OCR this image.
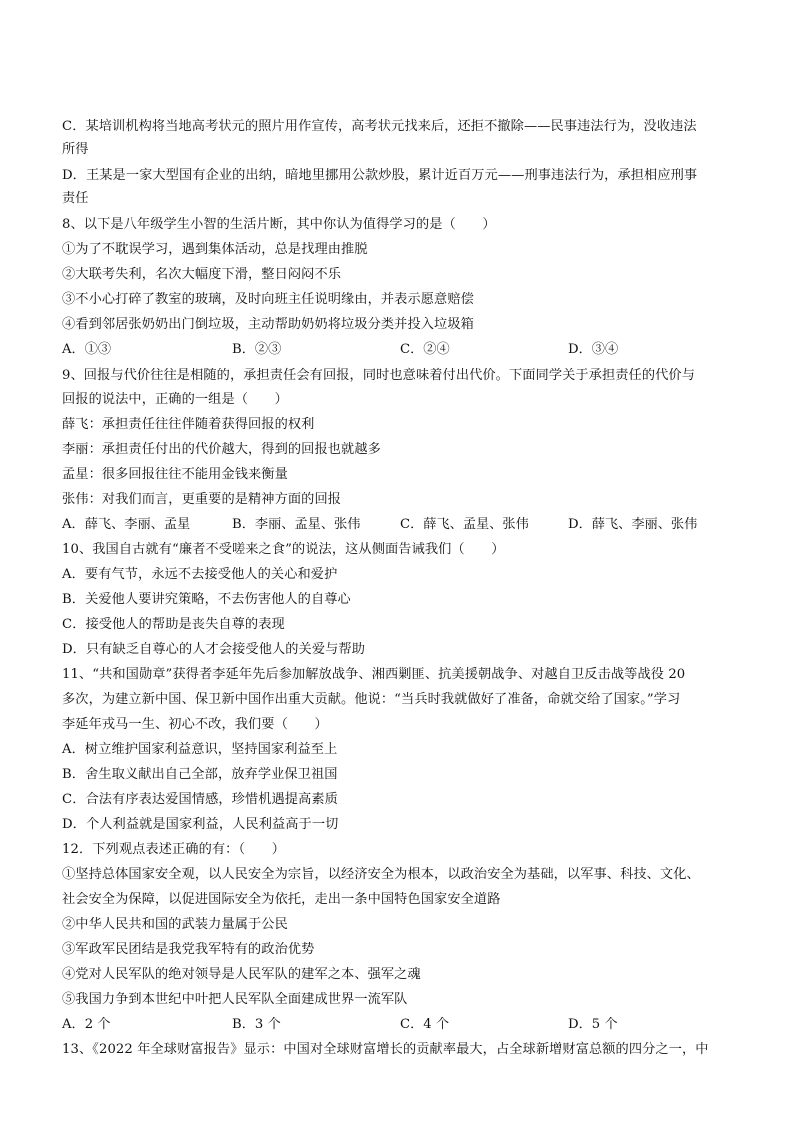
C．某培训机构将当地高考状元的照片用作宣传，高考状元找来后，还拒不撤除——民事违法行为，没收违法
所得
D．王某是一家大型国有企业的出纳，暗地里挪用公款炒股，累计近百万元——刑事违法行为，承担相应刑事
责任
8、以下是八年级学生小智的生活片断，其中你认为值得学习的是（　　）
①为了不耽误学习，遇到集体活动，总是找理由推脱
②大联考失利，名次大幅度下滑，整日闷闷不乐
③不小心打碎了教室的玻璃，及时向班主任说明缘由，并表示愿意赔偿
④看到邻居张奶奶出门倒垃圾，主动帮助奶奶将垃圾分类并投入垃圾箱
A．①③	B．②③	C．②④	D．③④
9、回报与代价往往是相随的，承担责任会有回报，同时也意味着付出代价。下面同学关于承担责任的代价与
回报的说法中，正确的一组是（　　）
薛飞：承担责任往往伴随着获得回报的权利
李丽：承担责任付出的代价越大，得到的回报也就越多
孟星：很多回报往往不能用金钱来衡量
张伟：对我们而言，更重要的是精神方面的回报
A．薛飞、李丽、孟星	B．李丽、孟星、张伟	C．薛飞、孟星、张伟	D．薛飞、李丽、张伟
10、我国自古就有“廉者不受嗟来之食”的说法，这从侧面告诫我们（　　）
A．要有气节，永远不去接受他人的关心和爱护
B．关爱他人要讲究策略，不去伤害他人的自尊心
C．接受他人的帮助是丧失自尊的表现
D．只有缺乏自尊心的人才会接受他人的关爱与帮助
11、“共和国勋章”获得者李延年先后参加解放战争、湘西剿匪、抗美援朝战争、对越自卫反击战等战役 20
多次，为建立新中国、保卫新中国作出重大贡献。他说：“当兵时我就做好了准备，命就交给了国家。”学习
李延年戎马一生、初心不改，我们要（　　）
A．树立维护国家利益意识，坚持国家利益至上
B．舍生取义献出自己全部，放弃学业保卫祖国
C．合法有序表达爱国情感，珍惜机遇提高素质
D．个人利益就是国家利益，人民利益高于一切
12．下列观点表述正确的有：（　　）
①坚持总体国家安全观，以人民安全为宗旨，以经济安全为根本，以政治安全为基础，以军事、科技、文化、
社会安全为保障，以促进国际安全为依托，走出一条中国特色国家安全道路
②中华人民共和国的武装力量属于公民
③军政军民团结是我党我军特有的政治优势
④党对人民军队的绝对领导是人民军队的建军之本、强军之魂
⑤我国力争到本世纪中叶把人民军队全面建成世界一流军队
A．2 个	B．3 个	C．4 个	D．5 个
13、《2022 年全球财富报告》显示：中国对全球财富增长的贡献率最大，占全球新增财富总额的四分之一，中
